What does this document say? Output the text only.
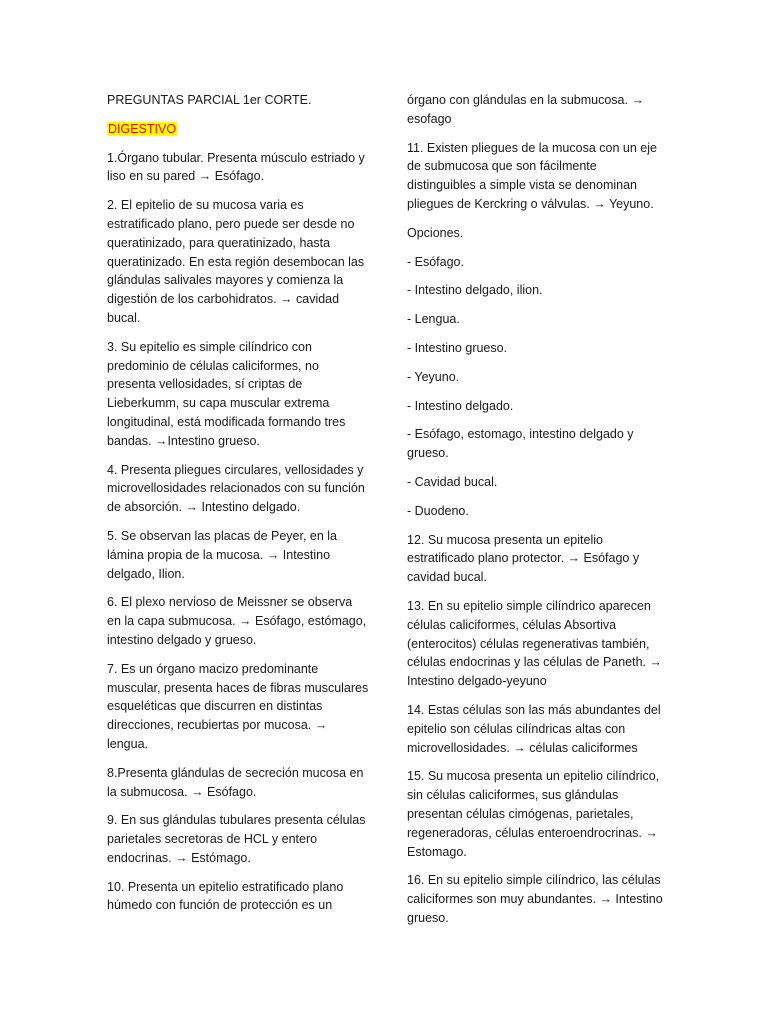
PREGUNTAS PARCIAL 1er CORTE.

DIGESTIVO

1.Órgano tubular. Presenta músculo estriado y liso en su pared → Esófago.

2. El epitelio de su mucosa varia es estratificado plano, pero puede ser desde no queratinizado, para queratinizado, hasta queratinizado. En esta región desembocan las glándulas salivales mayores y comienza la digestión de los carbohidratos. → cavidad bucal.

3. Su epitelio es simple cilíndrico con predominio de células caliciformes, no presenta vellosidades, sí criptas de Lieberkumm, su capa muscular extrema longitudinal, está modificada formando tres bandas. →Intestino grueso.

4. Presenta pliegues circulares, vellosidades y microvellosidades relacionados con su función de absorción. → Intestino delgado.

5. Se observan las placas de Peyer, en la lámina propia de la mucosa. → Intestino delgado, Ilion.

6. El plexo nervioso de Meissner se observa en la capa submucosa. → Esófago, estómago, intestino delgado y grueso.

7. Es un órgano macizo predominante muscular, presenta haces de fibras musculares esqueléticas que discurren en distintas direcciones, recubiertas por mucosa. → lengua.

8.Presenta glándulas de secreción mucosa en la submucosa. → Esófago.

9. En sus glándulas tubulares presenta células parietales secretoras de HCL y entero endocrinas. → Estómago.

10. Presenta un epitelio estratificado plano húmedo con función de protección es un

órgano con glándulas en la submucosa. → esofago

11. Existen pliegues de la mucosa con un eje de submucosa que son fácilmente distinguibles a simple vista se denominan pliegues de Kerckring o válvulas. → Yeyuno.

Opciones.

- Esófago.

- Intestino delgado, ilion.

- Lengua.

- Intestino grueso.

- Yeyuno.

- Intestino delgado.

- Esófago, estomago, intestino delgado y grueso.

- Cavidad bucal.

- Duodeno.

12. Su mucosa presenta un epitelio estratificado plano protector. → Esófago y cavidad bucal.

13. En su epitelio simple cilíndrico aparecen células caliciformes, células Absortiva (enterocitos) células regenerativas también, células endocrinas y las células de Paneth. → Intestino delgado-yeyuno

14. Estas células son las más abundantes del epitelio son células cilíndricas altas con microvellosidades. → células caliciformes

15. Su mucosa presenta un epitelio cilíndrico, sin células caliciformes, sus glándulas presentan células cimógenas, parietales, regeneradoras, células enteroendrocrinas. → Estomago.

16. En su epitelio simple cilíndrico, las células caliciformes son muy abundantes. → Intestino grueso.
